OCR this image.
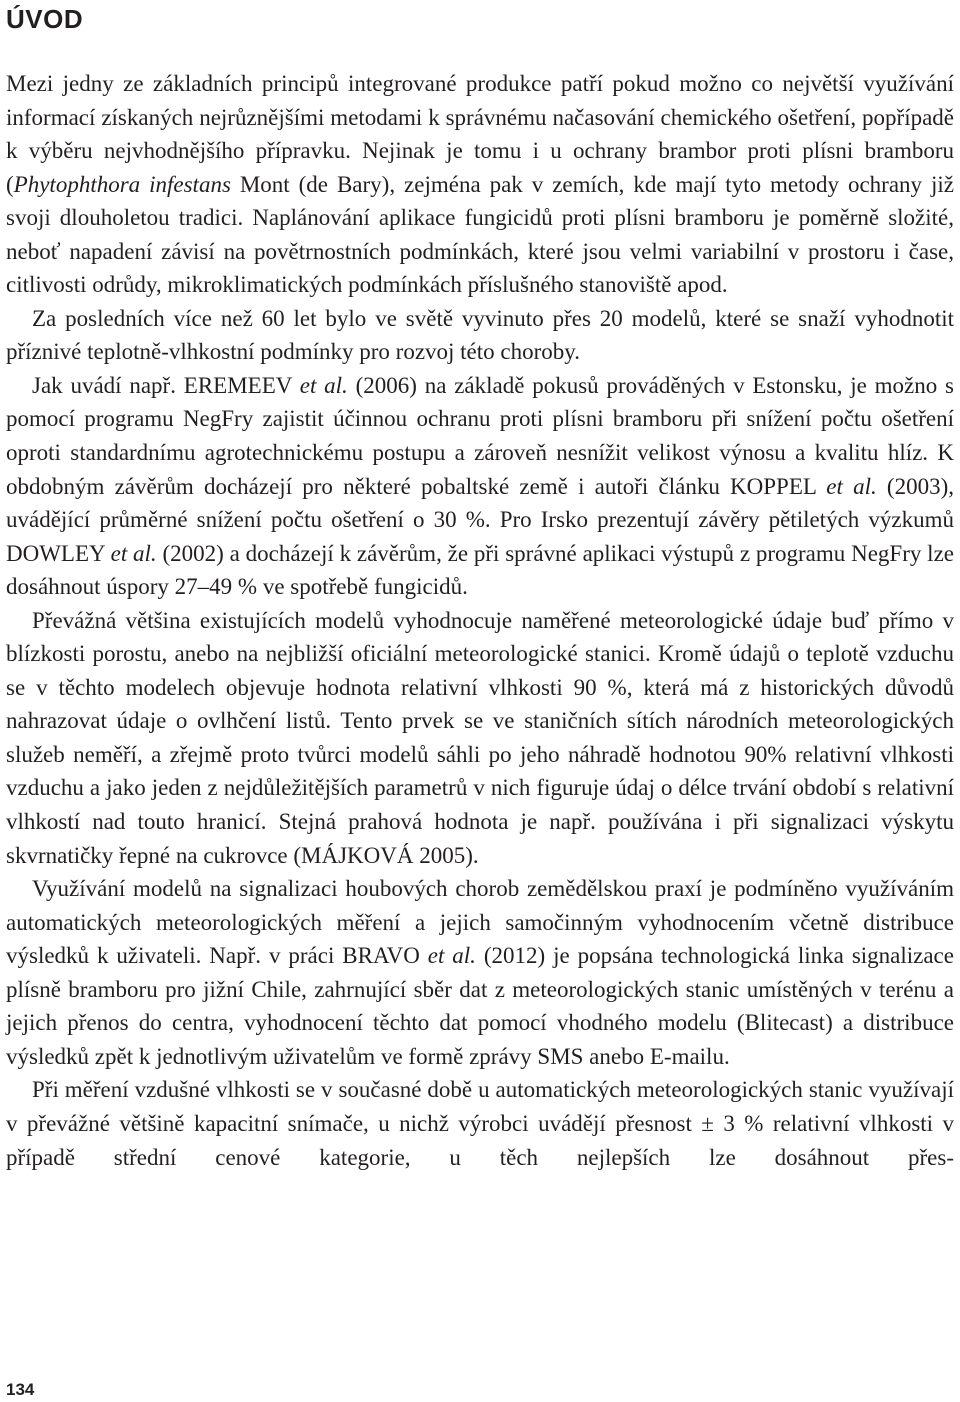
ÚVOD

Mezi jedny ze základních principů integrované produkce patří pokud možno co největší využívání informací získaných nejrůznějšími metodami k správnému načasování chemického ošetření, popřípadě k výběru nejvhodnějšího přípravku. Nejinak je tomu i u ochrany brambor proti plísni bramboru (Phytophthora infestans Mont (de Bary), zejména pak v zemích, kde mají tyto metody ochrany již svoji dlouholetou tradici. Naplánování aplikace fungicidů proti plísni bramboru je poměrně složité, neboť napadení závisí na povětrnostních podmínkách, které jsou velmi variabilní v prostoru i čase, citlivosti odrůdy, mikroklimatických podmínkách příslušného stanoviště apod.

Za posledních více než 60 let bylo ve světě vyvinuto přes 20 modelů, které se snaží vyhodnotit příznivé teplotně-vlhkostní podmínky pro rozvoj této choroby.

Jak uvádí např. EREMEEV et al. (2006) na základě pokusů prováděných v Estonsku, je možno s pomocí programu NegFry zajistit účinnou ochranu proti plísni bramboru při snížení počtu ošetření oproti standardnímu agrotechnickému postupu a zároveň nesnížit velikost výnosu a kvalitu hlíz. K obdobným závěrům docházejí pro některé pobaltské země i autoři článku KOPPEL et al. (2003), uvádějící průměrné snížení počtu ošetření o 30 %. Pro Irsko prezentují závěry pětiletých výzkumů DOWLEY et al. (2002) a docházejí k závěrům, že při správné aplikaci výstupů z programu NegFry lze dosáhnout úspory 27–49 % ve spotřebě fungicidů.

Převážná většina existujících modelů vyhodnocuje naměřené meteorologické údaje buď přímo v blízkosti porostu, anebo na nejbližší oficiální meteorologické stanici. Kromě údajů o teplotě vzduchu se v těchto modelech objevuje hodnota relativní vlhkosti 90 %, která má z historických důvodů nahrazovat údaje o ovlhčení listů. Tento prvek se ve staničních sítích národních meteorologických služeb neměří, a zřejmě proto tvůrci modelů sáhli po jeho náhradě hodnotou 90% relativní vlhkosti vzduchu a jako jeden z nejdůležitějších parametrů v nich figuruje údaj o délce trvání období s relativní vlhkostí nad touto hranicí. Stejná prahová hodnota je např. používána i při signalizaci výskytu skvrnatičky řepné na cukrovce (MÁJKOVÁ 2005).

Využívání modelů na signalizaci houbových chorob zemědělskou praxí je podmíněno využíváním automatických meteorologických měření a jejich samočinným vyhodnocením včetně distribuce výsledků k uživateli. Např. v práci BRAVO et al. (2012) je popsána technologická linka signalizace plísně bramboru pro jižní Chile, zahrnující sběr dat z meteorologických stanic umístěných v terénu a jejich přenos do centra, vyhodnocení těchto dat pomocí vhodného modelu (Blitecast) a distribuce výsledků zpět k jednotlivým uživatelům ve formě zprávy SMS anebo E-mailu.

Při měření vzdušné vlhkosti se v současné době u automatických meteorologických stanic využívají v převážné většině kapacitní snímače, u nichž výrobci uvádějí přesnost ± 3 % relativní vlhkosti v případě střední cenové kategorie, u těch nejlepších lze dosáhnout přes-

134
